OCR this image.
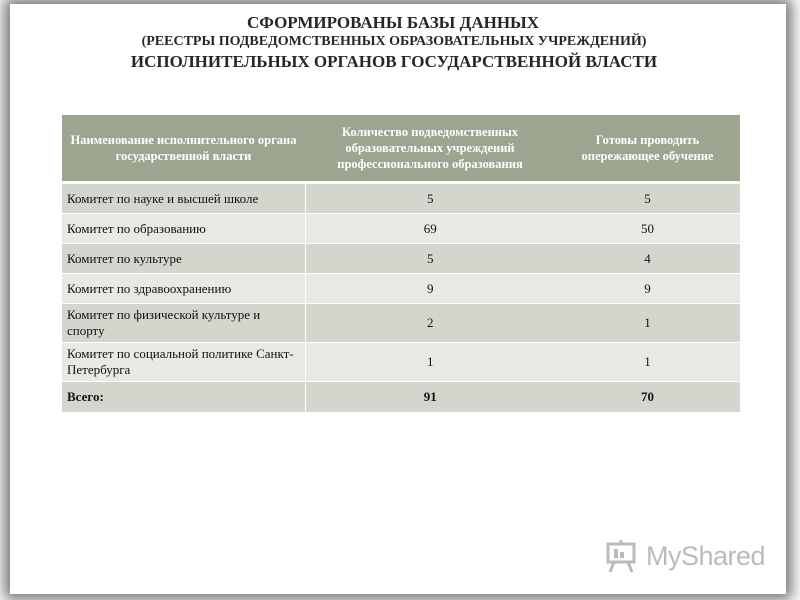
СФОРМИРОВАНЫ БАЗЫ ДАННЫХ
(РЕЕСТРЫ ПОДВЕДОМСТВЕННЫХ ОБРАЗОВАТЕЛЬНЫХ УЧРЕЖДЕНИЙ)
ИСПОЛНИТЕЛЬНЫХ ОРГАНОВ ГОСУДАРСТВЕННОЙ ВЛАСТИ
Наименование исполнительного органа государственной власти	Количество подведомственных образовательных учреждений профессионального образования	Готовы проводить опережающее обучение
Комитет по науке и высшей школе	5	5
Комитет по образованию	69	50
Комитет по культуре	5	4
Комитет по здравоохранению	9	9
Комитет по физической культуре и спорту	2	1
Комитет по социальной политике Санкт-Петербурга	1	1
Всего:	91	70
MyShared
